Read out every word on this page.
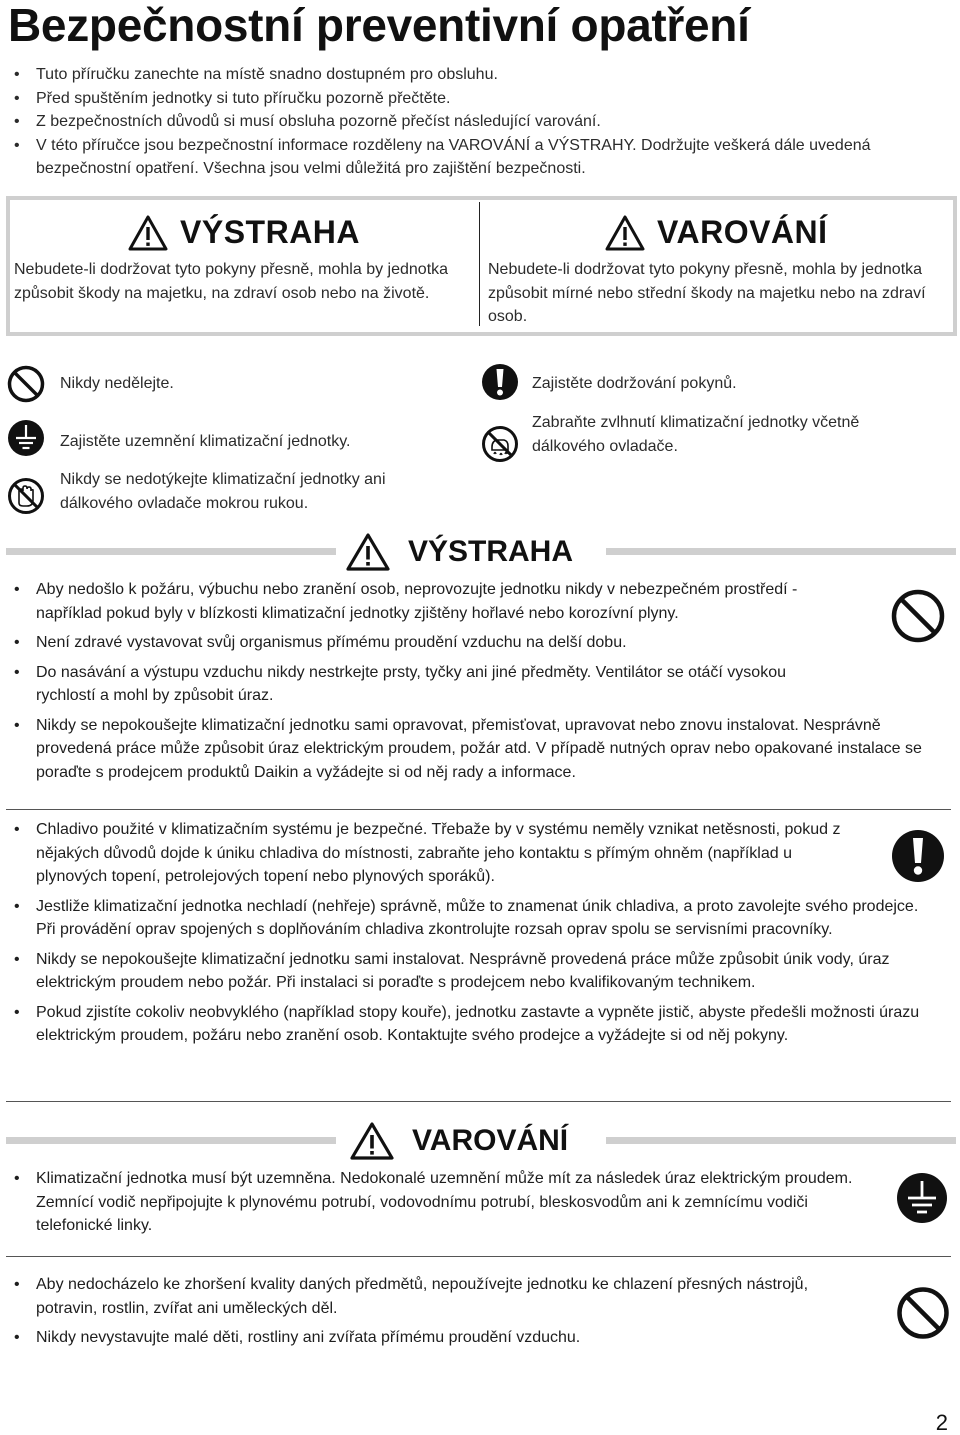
Bezpečnostní preventivní opatření
• Tuto příručku zanechte na místě snadno dostupném pro obsluhu.
• Před spuštěním jednotky si tuto příručku pozorně přečtěte.
• Z bezpečnostních důvodů si musí obsluha pozorně přečíst následující varování.
• V této příručce jsou bezpečnostní informace rozděleny na VAROVÁNÍ a VÝSTRAHY. Dodržujte veškerá dále uvedená bezpečnostní opatření. Všechna jsou velmi důležitá pro zajištění bezpečnosti.
VÝSTRAHA
Nebudete-li dodržovat tyto pokyny přesně, mohla by jednotka způsobit škody na majetku, na zdraví osob nebo na životě.
VAROVÁNÍ
Nebudete-li dodržovat tyto pokyny přesně, mohla by jednotka způsobit mírné nebo střední škody na majetku nebo na zdraví osob.
Nikdy nedělejte.
Zajistěte uzemnění klimatizační jednotky.
Nikdy se nedotýkejte klimatizační jednotky ani dálkového ovladače mokrou rukou.
Zajistěte dodržování pokynů.
Zabraňte zvlhnutí klimatizační jednotky včetně dálkového ovladače.
VÝSTRAHA
• Aby nedošlo k požáru, výbuchu nebo zranění osob, neprovozujte jednotku nikdy v nebezpečném prostředí - například pokud byly v blízkosti klimatizační jednotky zjištěny hořlavé nebo korozívní plyny.
• Není zdravé vystavovat svůj organismus přímému proudění vzduchu na delší dobu.
• Do nasávání a výstupu vzduchu nikdy nestrkejte prsty, tyčky ani jiné předměty. Ventilátor se otáčí vysokou rychlostí a mohl by způsobit úraz.
• Nikdy se nepokoušejte klimatizační jednotku sami opravovat, přemisťovat, upravovat nebo znovu instalovat. Nesprávně provedená práce může způsobit úraz elektrickým proudem, požár atd. V případě nutných oprav nebo opakované instalace se poraďte s prodejcem produktů Daikin a vyžádejte si od něj rady a informace.
• Chladivo použité v klimatizačním systému je bezpečné. Třebaže by v systému neměly vznikat netěsnosti, pokud z nějakých důvodů dojde k úniku chladiva do místnosti, zabraňte jeho kontaktu s přímým ohněm (například u plynových topení, petrolejových topení nebo plynových sporáků).
• Jestliže klimatizační jednotka nechladí (nehřeje) správně, může to znamenat únik chladiva, a proto zavolejte svého prodejce. Při provádění oprav spojených s doplňováním chladiva zkontrolujte rozsah oprav spolu se servisními pracovníky.
• Nikdy se nepokoušejte klimatizační jednotku sami instalovat. Nesprávně provedená práce může způsobit únik vody, úraz elektrickým proudem nebo požár. Při instalaci si poraďte s prodejcem nebo kvalifikovaným technikem.
• Pokud zjistíte cokoliv neobvyklého (například stopy kouře), jednotku zastavte a vypněte jistič, abyste předešli možnosti úrazu elektrickým proudem, požáru nebo zranění osob. Kontaktujte svého prodejce a vyžádejte si od něj pokyny.
VAROVÁNÍ
• Klimatizační jednotka musí být uzemněna. Nedokonalé uzemnění může mít za následek úraz elektrickým proudem. Zemnící vodič nepřipojujte k plynovému potrubí, vodovodnímu potrubí, bleskosvodům ani k zemnícímu vodiči telefonické linky.
• Aby nedocházelo ke zhoršení kvality daných předmětů, nepoužívejte jednotku ke chlazení přesných nástrojů, potravin, rostlin, zvířat ani uměleckých děl.
• Nikdy nevystavujte malé děti, rostliny ani zvířata přímému proudění vzduchu.
2
